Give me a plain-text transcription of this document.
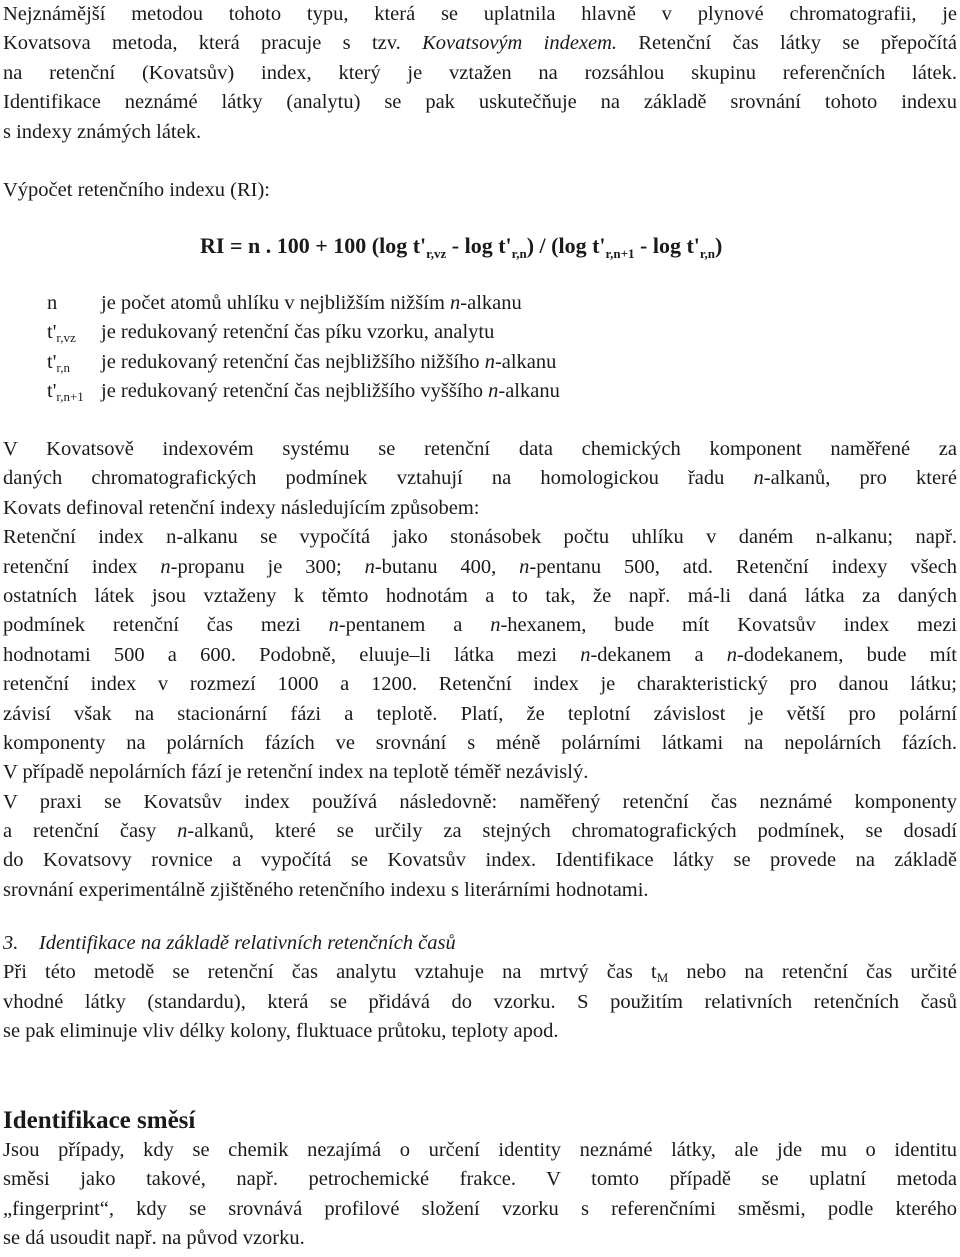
Nejznámější metodou tohoto typu, která se uplatnila hlavně v plynové chromatografii, je
Kovatsova metoda, která pracuje s tzv. Kovatsovým indexem. Retenční čas látky se přepočítá
na retenční (Kovatsův) index, který je vztažen na rozsáhlou skupinu referenčních látek.
Identifikace neznámé látky (analytu) se pak uskutečňuje na základě srovnání tohoto indexu
s indexy známých látek.
Výpočet retenčního indexu (RI):
RI = n . 100 + 100 (log $t'_{r,vz}$ - $\log t'_{r,n}) / (\log$ $t'_{r,n+1}$ - $\log t'_{r,n}$)
n je počet atomů uhlíku v nejbližším nižším n-alkanu
$t'_{r,vz}$ je redukovaný retenční čas píku vzorku, analytu
$t'_{r,n}$ je redukovaný retenční čas nejbližšího nižšího n-alkanu
$t'_{r,n+1}$ je redukovaný retenční čas nejbližšího vyššího n-alkanu
V Kovatsově indexovém systému se retenční data chemických komponent naměřené za
daných chromatografických podmínek vztahují na homologickou řadu n-alkanů, pro které
Kovats definoval retenční indexy následujícím způsobem:
Retenční index n-alkanu se vypočítá jako stonásobek počtu uhlíku v daném n-alkanu; např.
retenční index n-propanu je 300; n-butanu 400, n-pentanu 500, atd. Retenční indexy všech
ostatních látek jsou vztaženy k těmto hodnotám a to tak, že např. má-li daná látka za daných
podmínek retenční čas mezi n-pentanem a n-hexanem, bude mít Kovatsův index mezi
hodnotami 500 a 600. Podobně, eluuje–li látka mezi n-dekanem a n-dodekanem, bude mít
retenční index v rozmezí 1000 a 1200. Retenční index je charakteristický pro danou látku;
závisí však na stacionární fázi a teplotě. Platí, že teplotní závislost je větší pro polární
komponenty na polárních fázích ve srovnání s méně polárními látkami na nepolárních fázích.
V případě nepolárních fází je retenční index na teplotě téměř nezávislý.
V praxi se Kovatsův index používá následovně: naměřený retenční čas neznámé komponenty
a retenční časy n-alkanů, které se určily za stejných chromatografických podmínek, se dosadí
do Kovatsovy rovnice a vypočítá se Kovatsův index. Identifikace látky se provede na základě
srovnání experimentálně zjištěného retenčního indexu s literárními hodnotami.
3.    Identifikace na základě relativních retenčních časů
Při této metodě se retenční čas analytu vztahuje na mrtvý čas tM nebo na retenční čas určité
vhodné látky (standardu), která se přidává do vzorku. S použitím relativních retenčních časů
se pak eliminuje vliv délky kolony, fluktuace průtoku, teploty apod.
Identifikace směsí
Jsou případy, kdy se chemik nezajímá o určení identity neznámé látky, ale jde mu o identitu
směsi jako takové, např. petrochemické frakce. V tomto případě se uplatní metoda
„fingerprint“, kdy se srovnává profilové složení vzorku s referenčními směsmi, podle kterého
se dá usoudit např. na původ vzorku.
